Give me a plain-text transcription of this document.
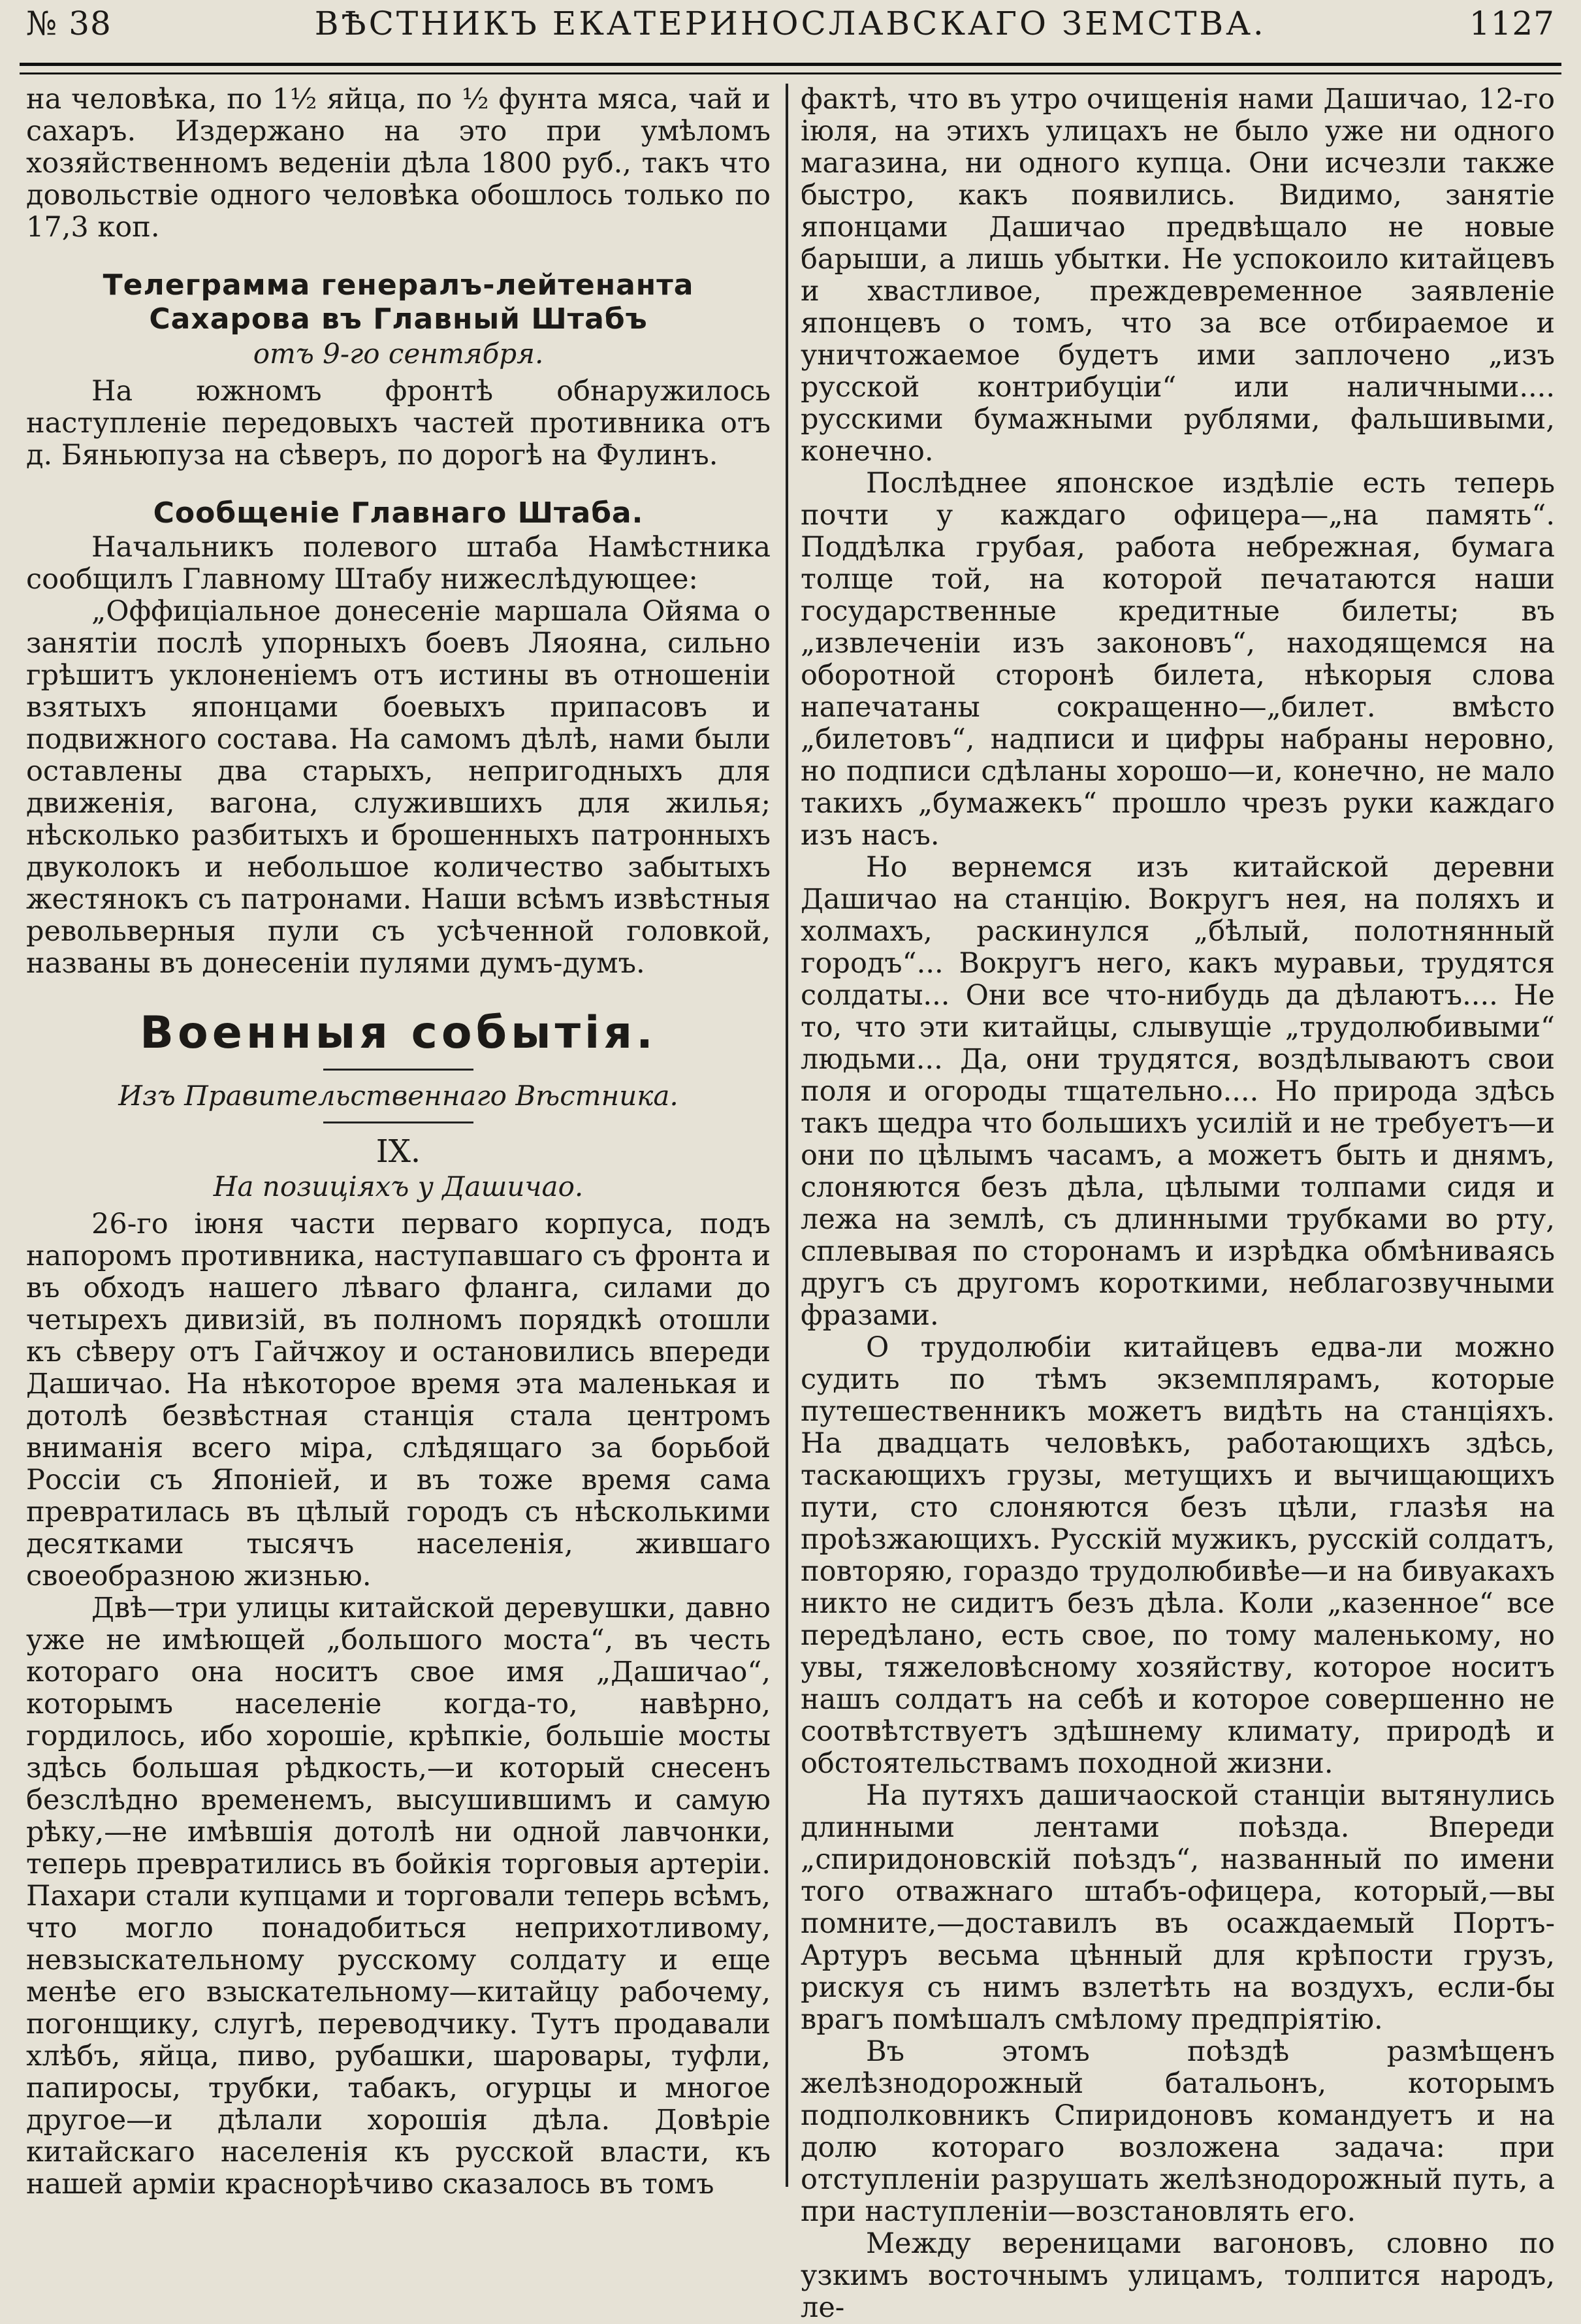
№ 38	ВѢСТНИКЪ ЕКАТЕРИНОСЛАВСКАГО ЗЕМСТВА.	1127

на человѣка, по 1½ яйца, по ½ фунта мяса, чай и сахаръ. Издержано на это при умѣломъ хозяйственномъ веденіи дѣла 1800 руб., такъ что довольствіе одного человѣка обошлось только по 17,3 коп.

Телеграмма генералъ-лейтенанта Сахарова въ Главный Штабъ
отъ 9-го сентября.

На южномъ фронтѣ обнаружилось наступленіе передовыхъ частей противника отъ д. Бяньюпуза на сѣверъ, по дорогѣ на Фулинъ.

Сообщеніе Главнаго Штаба.

Начальникъ полевого штаба Намѣстника сообщилъ Главному Штабу нижеслѣдующее:

„Оффиціальное донесеніе маршала Ойяма о занятіи послѣ упорныхъ боевъ Ляояна, сильно грѣшитъ уклоненіемъ отъ истины въ отношеніи взятыхъ японцами боевыхъ припасовъ и подвижного состава. На самомъ дѣлѣ, нами были оставлены два старыхъ, непригодныхъ для движенія, вагона, служившихъ для жилья; нѣсколько разбитыхъ и брошенныхъ патронныхъ двуколокъ и небольшое количество забытыхъ жестянокъ съ патронами. Наши всѣмъ извѣстныя револьверныя пули съ усѣченной головкой, названы въ донесеніи пулями думъ-думъ.

Военныя событія.
Изъ Правительственнаго Вѣстника.
IX.
На позиціяхъ у Дашичао.

26-го іюня части перваго корпуса, подъ напоромъ противника, наступавшаго съ фронта и въ обходъ нашего лѣваго фланга, силами до четырехъ дивизій, въ полномъ порядкѣ отошли къ сѣверу отъ Гайчжоу и остановились впереди Дашичао. На нѣкоторое время эта маленькая и дотолѣ безвѣстная станція стала центромъ вниманія всего міра, слѣдящаго за борьбой Россіи съ Японіей, и въ тоже время сама превратилась въ цѣлый городъ съ нѣсколькими десятками тысячъ населенія, жившаго своеобразною жизнью.

Двѣ—три улицы китайской деревушки, давно уже не имѣющей „большого моста“, въ честь котораго она носитъ свое имя „Дашичао“, которымъ населеніе когда-то, навѣрно, гордилось, ибо хорошіе, крѣпкіе, большіе мосты здѣсь большая рѣдкость,—и который снесенъ безслѣдно временемъ, высушившимъ и самую рѣку,—не имѣвшія дотолѣ ни одной лавчонки, теперь превратились въ бойкія торговыя артеріи. Пахари стали купцами и торговали теперь всѣмъ, что могло понадобиться неприхотливому, невзыскательному русскому солдату и еще менѣе его взыскательному—китайцу рабочему, погонщику, слугѣ, переводчику. Тутъ продавали хлѣбъ, яйца, пиво, рубашки, шаровары, туфли, папиросы, трубки, табакъ, огурцы и многое другое—и дѣлали хорошія дѣла. Довѣріе китайскаго населенія къ русской власти, къ нашей арміи краснорѣчиво сказалось въ томъ

фактѣ, что въ утро очищенія нами Дашичао, 12-го іюля, на этихъ улицахъ не было уже ни одного магазина, ни одного купца. Они исчезли также быстро, какъ появились. Видимо, занятіе японцами Дашичао предвѣщало не новые барыши, а лишь убытки. Не успокоило китайцевъ и хвастливое, преждевременное заявленіе японцевъ о томъ, что за все отбираемое и уничтожаемое будетъ ими заплочено „изъ русской контрибуціи“ или наличными.... русскими бумажными рублями, фальшивыми, конечно.

Послѣднее японское издѣліе есть теперь почти у каждаго офицера—„на память“. Поддѣлка грубая, работа небрежная, бумага толще той, на которой печатаются наши государственные кредитные билеты; въ „извлеченіи изъ законовъ“, находящемся на оборотной сторонѣ билета, нѣкорыя слова напечатаны сокращенно—„билет. вмѣсто „билетовъ“, надписи и цифры набраны неровно, но подписи сдѣланы хорошо—и, конечно, не мало такихъ „бумажекъ“ прошло чрезъ руки каждаго изъ насъ.

Но вернемся изъ китайской деревни Дашичао на станцію. Вокругъ нея, на поляхъ и холмахъ, раскинулся „бѣлый, полотнянный городъ“... Вокругъ него, какъ муравьи, трудятся солдаты... Они все что-нибудь да дѣлаютъ.... Не то, что эти китайцы, слывущіе „трудолюбивыми“ людьми... Да, они трудятся, воздѣлываютъ свои поля и огороды тщательно.... Но природа здѣсь такъ щедра что большихъ усилій и не требуетъ—и они по цѣлымъ часамъ, а можетъ быть и днямъ, слоняются безъ дѣла, цѣлыми толпами сидя и лежа на землѣ, съ длинными трубками во рту, сплевывая по сторонамъ и изрѣдка обмѣниваясь другъ съ другомъ короткими, неблагозвучными фразами.

О трудолюбіи китайцевъ едва-ли можно судить по тѣмъ экземплярамъ, которые путешественникъ можетъ видѣть на станціяхъ. На двадцать человѣкъ, работающихъ здѣсь, таскающихъ грузы, метущихъ и вычищающихъ пути, сто слоняются безъ цѣли, глазѣя на проѣзжающихъ. Русскій мужикъ, русскій солдатъ, повторяю, гораздо трудолюбивѣе—и на бивуакахъ никто не сидитъ безъ дѣла. Коли „казенное“ все передѣлано, есть свое, по тому маленькому, но увы, тяжеловѣсному хозяйству, которое носитъ нашъ солдатъ на себѣ и которое совершенно не соотвѣтствуетъ здѣшнему климату, природѣ и обстоятельствамъ походной жизни.

На путяхъ дашичаоской станціи вытянулись длинными лентами поѣзда. Впереди „спиридоновскій поѣздъ“, названный по имени того отважнаго штабъ-офицера, который,—вы помните,—доставилъ въ осаждаемый Портъ-Артуръ весьма цѣнный для крѣпости грузъ, рискуя съ нимъ взлетѣть на воздухъ, если-бы врагъ помѣшалъ смѣлому предпріятію.

Въ этомъ поѣздѣ размѣщенъ желѣзнодорожный батальонъ, которымъ подполковникъ Спиридоновъ командуетъ и на долю котораго возложена задача: при отступленіи разрушать желѣзнодорожный путь, а при наступленіи—возстановлять его.

Между вереницами вагоновъ, словно по узкимъ восточнымъ улицамъ, толпится народъ, ле-
